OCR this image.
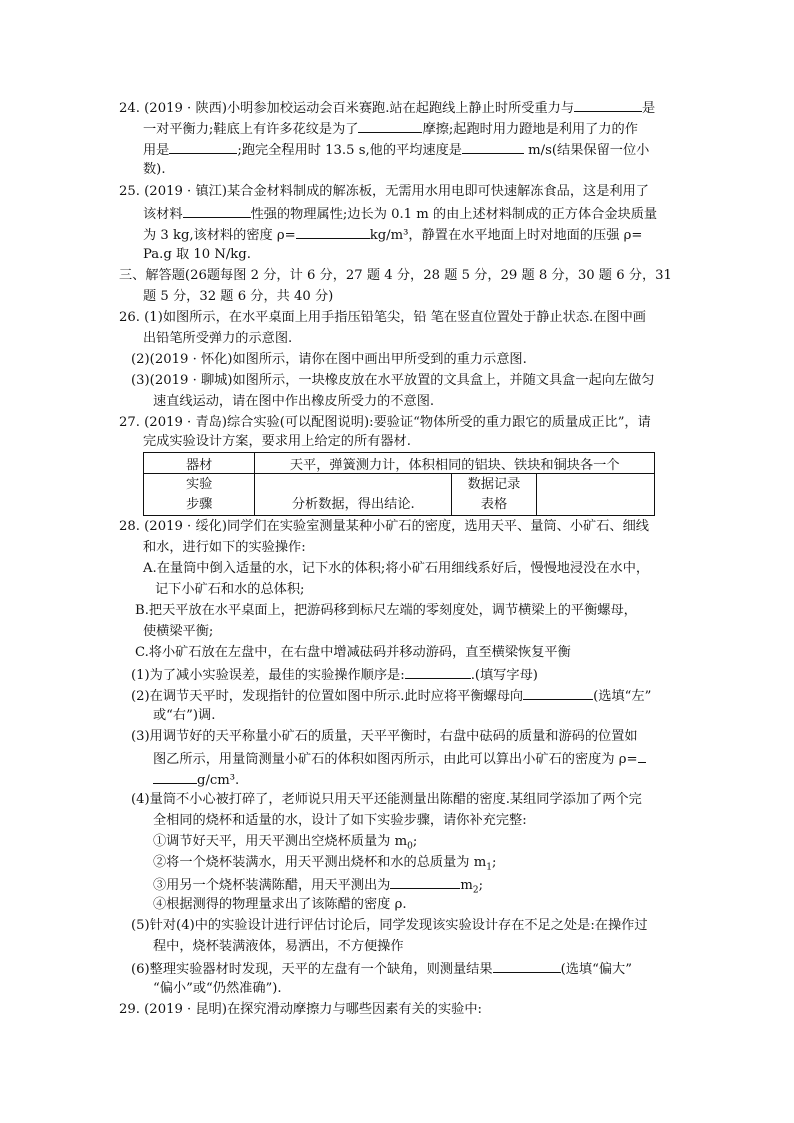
24. (2019 · 陕西)小明参加校运动会百米赛跑.站在起跑线上静止时所受重力与	是
一对平衡力;鞋底上有许多花纹是为了	摩擦;起跑时用力蹬地是利用了力的作
用是	;跑完全程用时 13.5 s,他的平均速度是	m/s(结果保留一位小
数).
25. (2019 · 镇江)某合金材料制成的解冻板，无需用水用电即可快速解冻食品，这是利用了
该材料	性强的物理属性;边长为 0.1 m 的由上述材料制成的正方体合金块质量
为 3 kg,该材料的密度 ρ=	kg/m³，静置在水平地面上时对地面的压强 ρ=
Pa.g 取 10 N/kg.
三、解答题(26题每图 2 分，计 6 分，27 题 4 分，28 题 5 分，29 题 8 分，30 题 6 分，31
题 5 分，32 题 6 分，共 40 分)
26. (1)如图所示，在水平桌面上用手指压铅笔尖，铅 笔在竖直位置处于静止状态.在图中画
出铅笔所受弹力的示意图.
(2)(2019 · 怀化)如图所示，请你在图中画出甲所受到的重力示意图.
(3)(2019 · 聊城)如图所示，一块橡皮放在水平放置的文具盒上，并随文具盒一起向左做匀
速直线运动，请在图中作出橡皮所受力的不意图.
27. (2019 · 青岛)综合实验(可以配图说明):要验证“物体所受的重力跟它的质量成正比”，请
完成实验设计方案，要求用上给定的所有器材.
器材	天平，弹簧测力计，体积相同的铝块、铁块和铜块各一个		

实验
步骤	分析数据，得出结论.	数据记录
表格	

28. (2019 · 绥化)同学们在实验室测量某种小矿石的密度，选用天平、量筒、小矿石、细线
和水，进行如下的实验操作:
A.在量筒中倒入适量的水，记下水的体积;将小矿石用细线系好后，慢慢地浸没在水中，
记下小矿石和水的总体积;
B.把天平放在水平桌面上，把游码移到标尺左端的零刻度处，调节横梁上的平衡螺母，
使横梁平衡;
C.将小矿石放在左盘中，在右盘中增减砝码并移动游码，直至横梁恢复平衡
(1)为了减小实验误差，最佳的实验操作顺序是:	.(填写字母)
(2)在调节天平时，发现指针的位置如图中所示.此时应将平衡螺母向	(选填“左”
或“右”)调.
(3)用调节好的天平称量小矿石的质量，天平平衡时，右盘中砝码的质量和游码的位置如
图乙所示，用量筒测量小矿石的体积如图丙所示，由此可以算出小矿石的密度为 ρ=
g/cm³.
(4)量筒不小心被打碎了，老师说只用天平还能测量出陈醋的密度.某组同学添加了两个完
全相同的烧杯和适量的水，设计了如下实验步骤，请你补充完整:
①调节好天平，用天平测出空烧杯质量为 $m_0$;
②将一个烧杯装满水，用天平测出烧杯和水的总质量为 $m_1$;
③用另一个烧杯装满陈醋，用天平测出为	$m_2$;
④根据测得的物理量求出了该陈醋的密度 ρ.
(5)针对(4)中的实验设计进行评估讨论后，同学发现该实验设计存在不足之处是:在操作过
程中，烧杯装满液体，易洒出，不方便操作
(6)整理实验器材时发现，天平的左盘有一个缺角，则测量结果	(选填“偏大”
“偏小”或“仍然准确”).
29. (2019 · 昆明)在探究滑动摩擦力与哪些因素有关的实验中:
